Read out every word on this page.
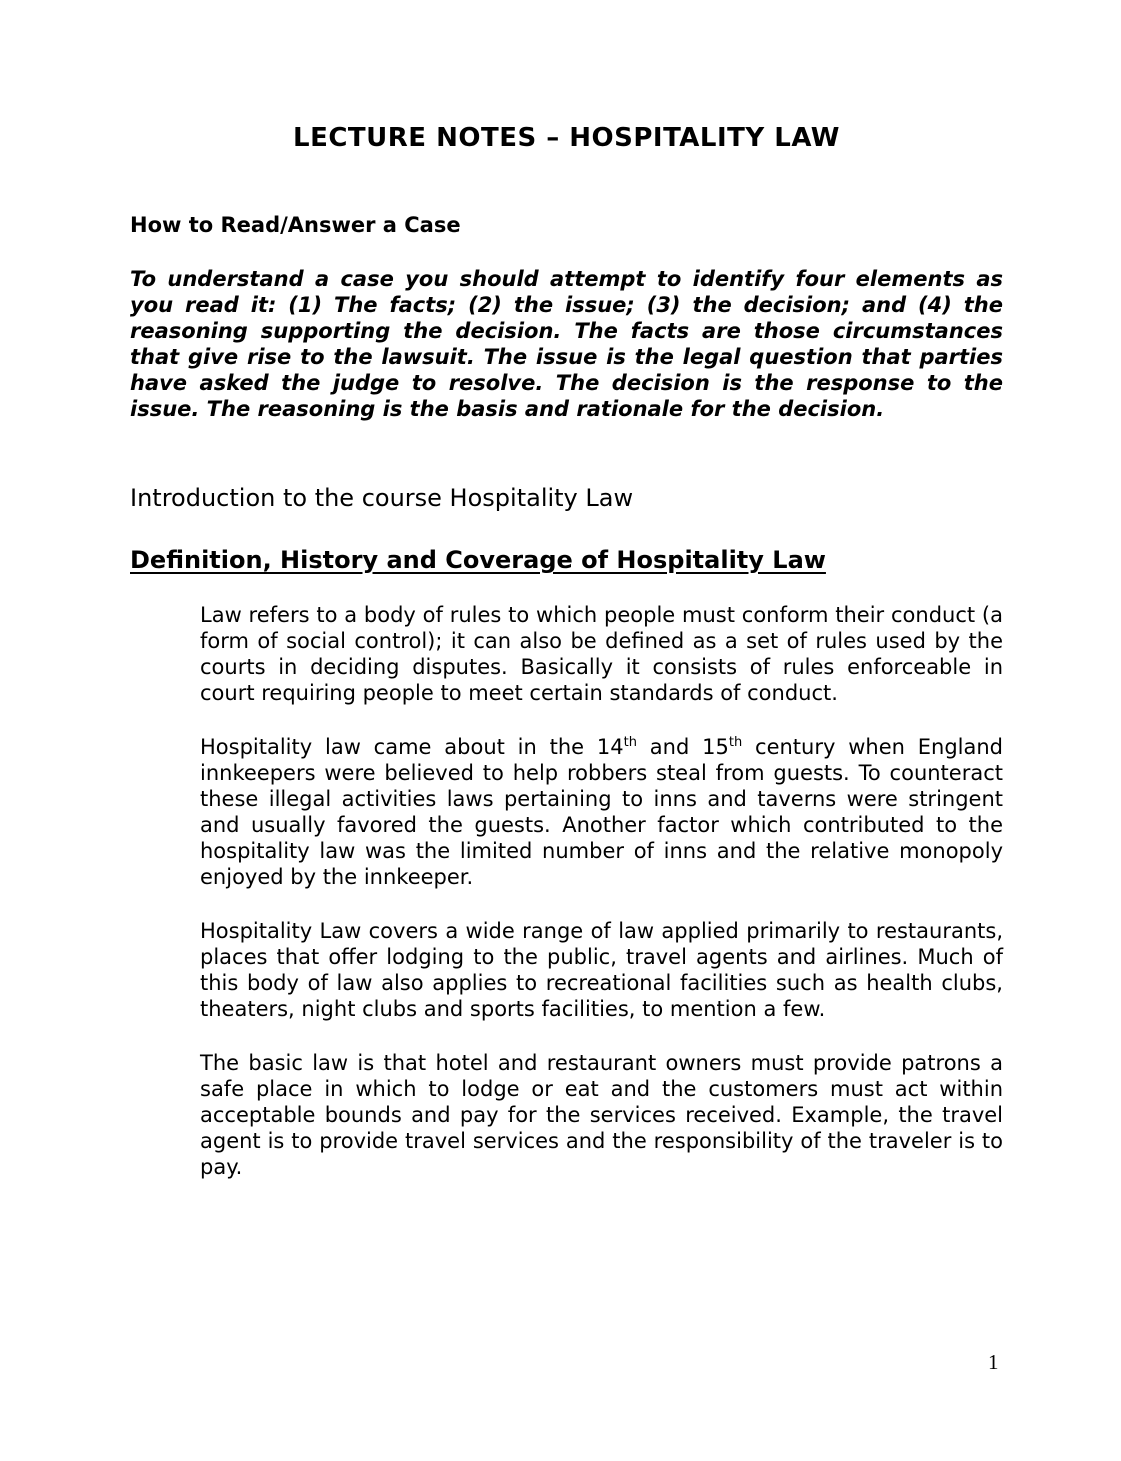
LECTURE NOTES – HOSPITALITY LAW
How to Read/Answer a Case

To understand a case you should attempt to identify four elements as you read it: (1) The facts; (2) the issue; (3) the decision; and (4) the reasoning supporting the decision. The facts are those circumstances that give rise to the lawsuit. The issue is the legal question that parties have asked the judge to resolve. The decision is the response to the issue. The reasoning is the basis and rationale for the decision.

Introduction to the course Hospitality Law
Definition, History and Coverage of Hospitality Law

Law refers to a body of rules to which people must conform their conduct (a form of social control); it can also be defined as a set of rules used by the courts in deciding disputes. Basically it consists of rules enforceable in court requiring people to meet certain standards of conduct.

Hospitality law came about in the 14th and 15th century when England innkeepers were believed to help robbers steal from guests. To counteract these illegal activities laws pertaining to inns and taverns were stringent and usually favored the guests. Another factor which contributed to the hospitality law was the limited number of inns and the relative monopoly enjoyed by the innkeeper.

Hospitality Law covers a wide range of law applied primarily to restaurants, places that offer lodging to the public, travel agents and airlines. Much of this body of law also applies to recreational facilities such as health clubs, theaters, night clubs and sports facilities, to mention a few.

The basic law is that hotel and restaurant owners must provide patrons a safe place in which to lodge or eat and the customers must act within acceptable bounds and pay for the services received. Example, the travel agent is to provide travel services and the responsibility of the traveler is to pay.

1
